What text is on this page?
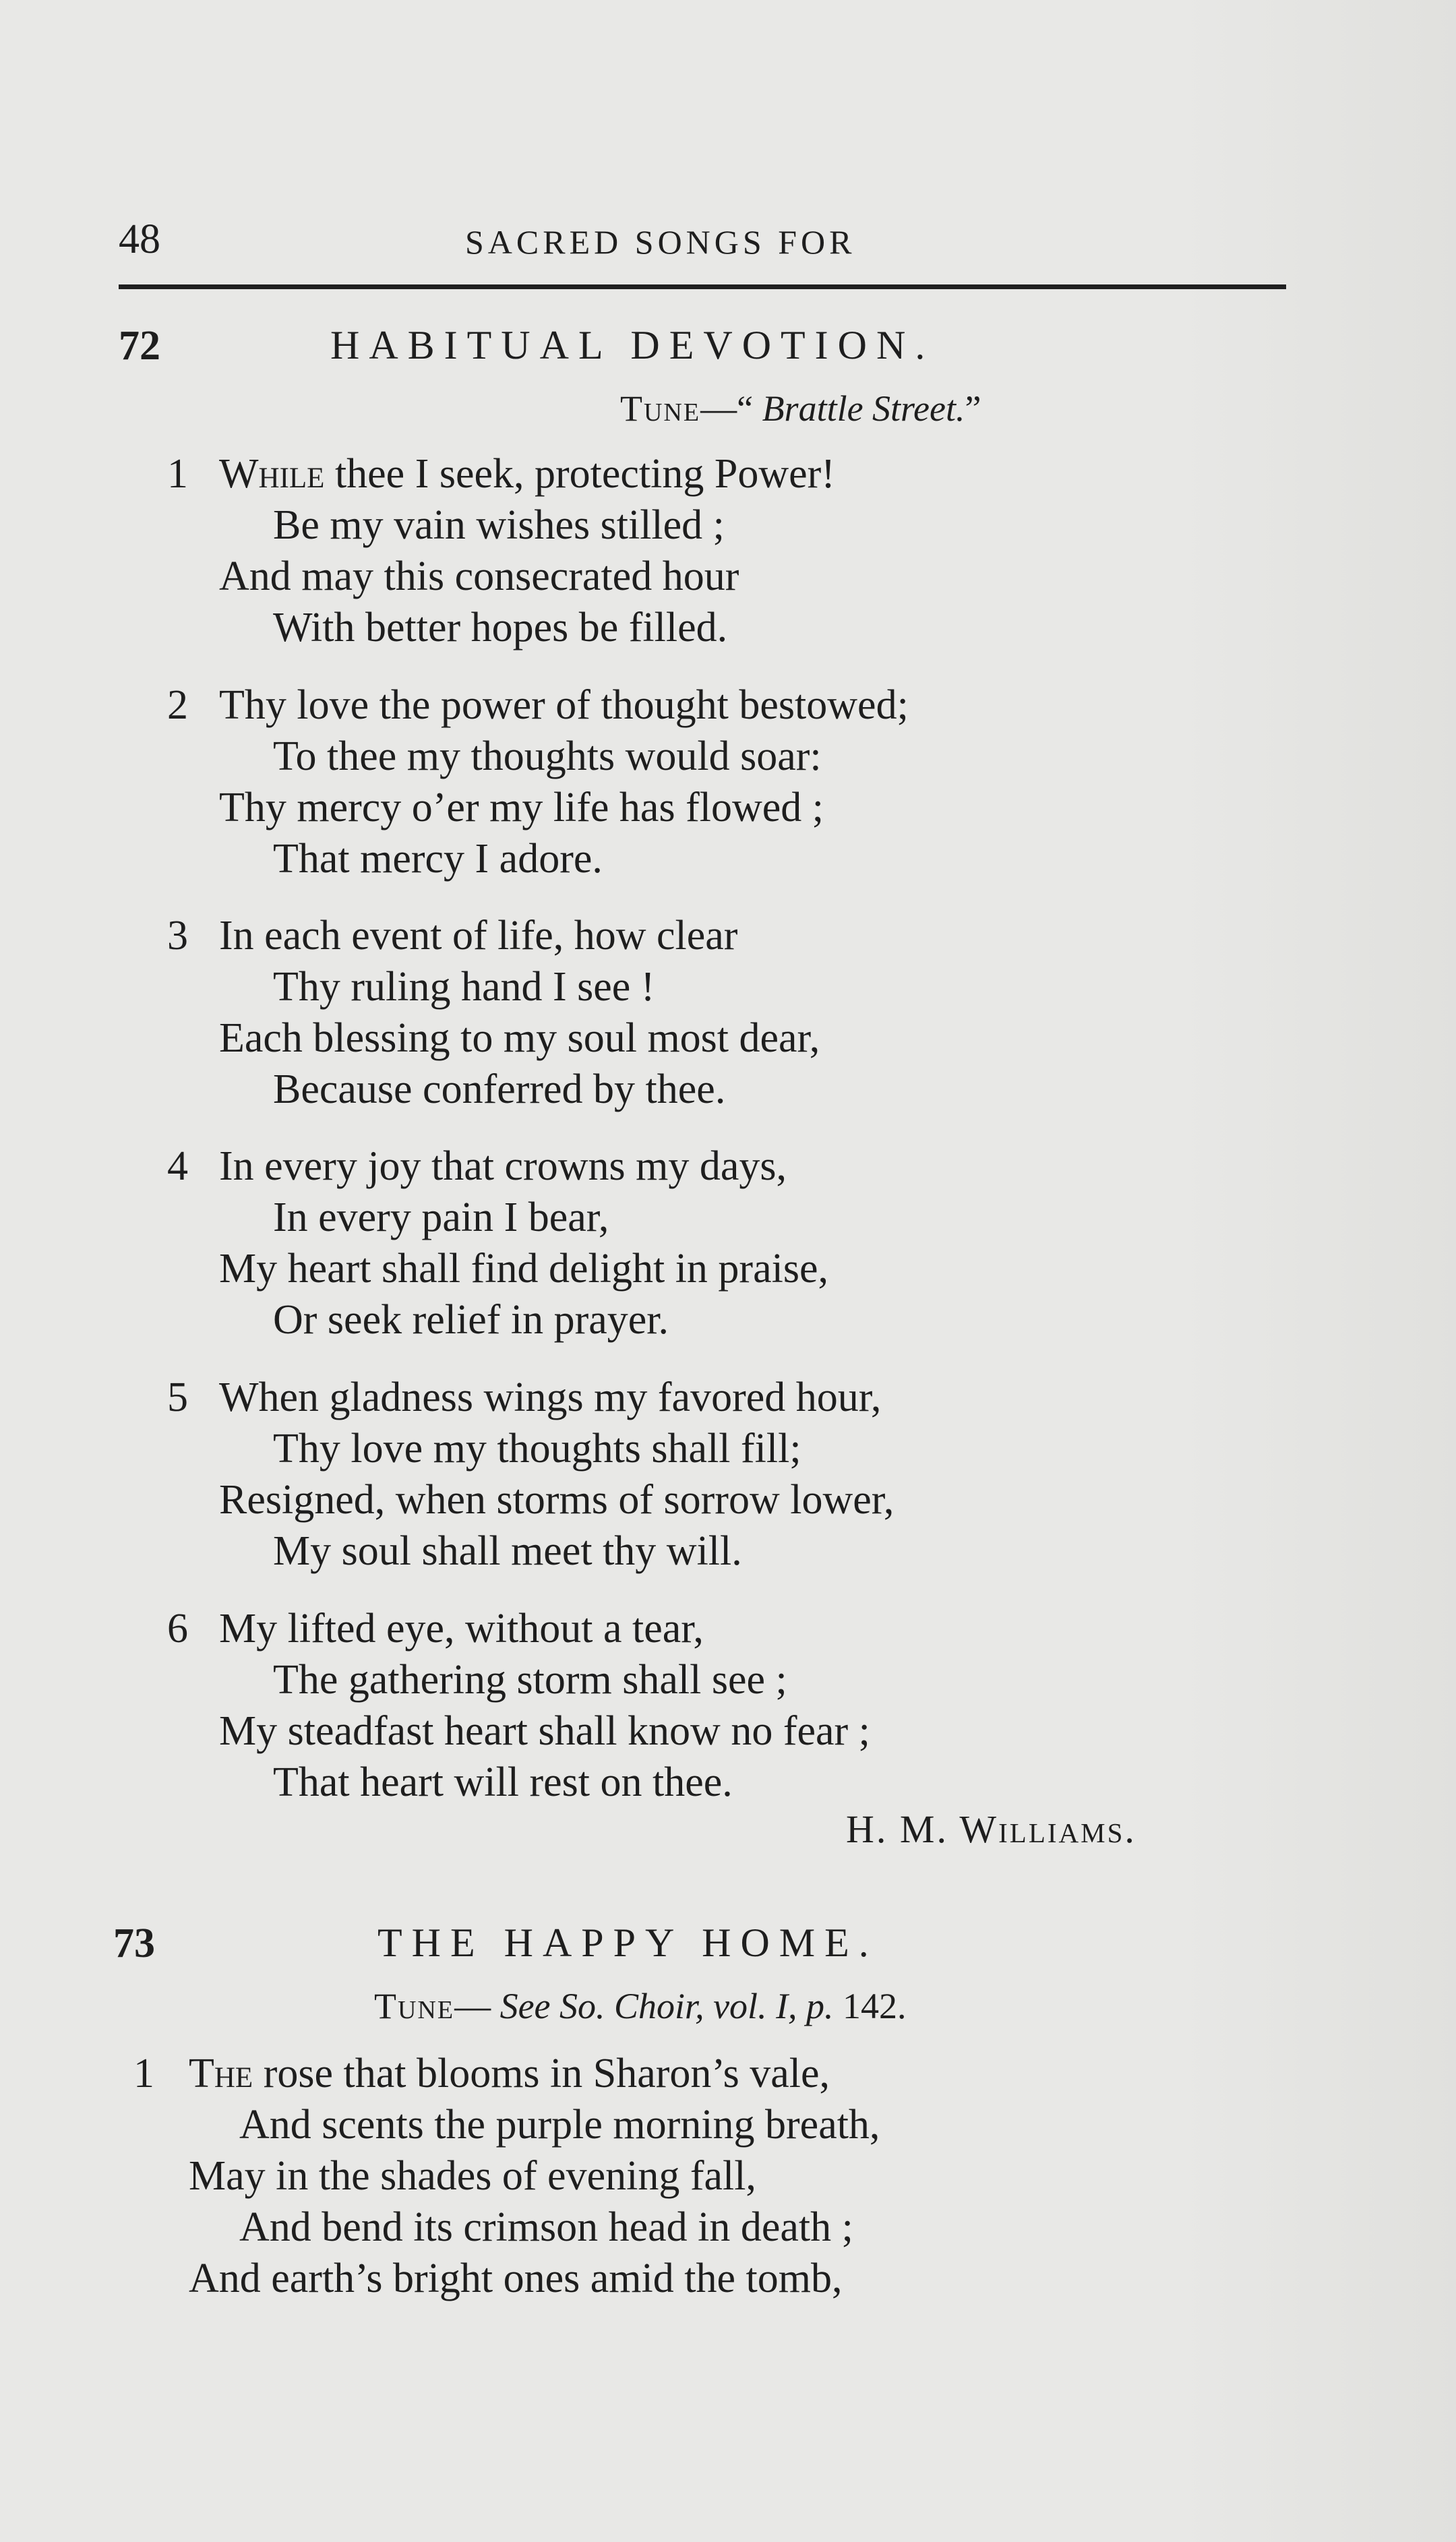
48	SACRED SONGS FOR
72	HABITUAL DEVOTION.
Tune—“ Brattle Street.”
1 While thee I seek, protecting Power!
Be my vain wishes stilled ;
And may this consecrated hour
With better hopes be filled.
2 Thy love the power of thought bestowed;
To thee my thoughts would soar:
Thy mercy o’er my life has flowed ;
That mercy I adore.
3 In each event of life, how clear
Thy ruling hand I see !
Each blessing to my soul most dear,
Because conferred by thee.
4 In every joy that crowns my days,
In every pain I bear,
My heart shall find delight in praise,
Or seek relief in prayer.
5 When gladness wings my favored hour,
Thy love my thoughts shall fill;
Resigned, when storms of sorrow lower,
My soul shall meet thy will.
6 My lifted eye, without a tear,
The gathering storm shall see ;
My steadfast heart shall know no fear ;
That heart will rest on thee.
H. M. Williams.
73	THE HAPPY HOME.
Tune— See So. Choir, vol. I, p. 142.
1 The rose that blooms in Sharon’s vale,
And scents the purple morning breath,
May in the shades of evening fall,
And bend its crimson head in death ;
And earth’s bright ones amid the tomb,
